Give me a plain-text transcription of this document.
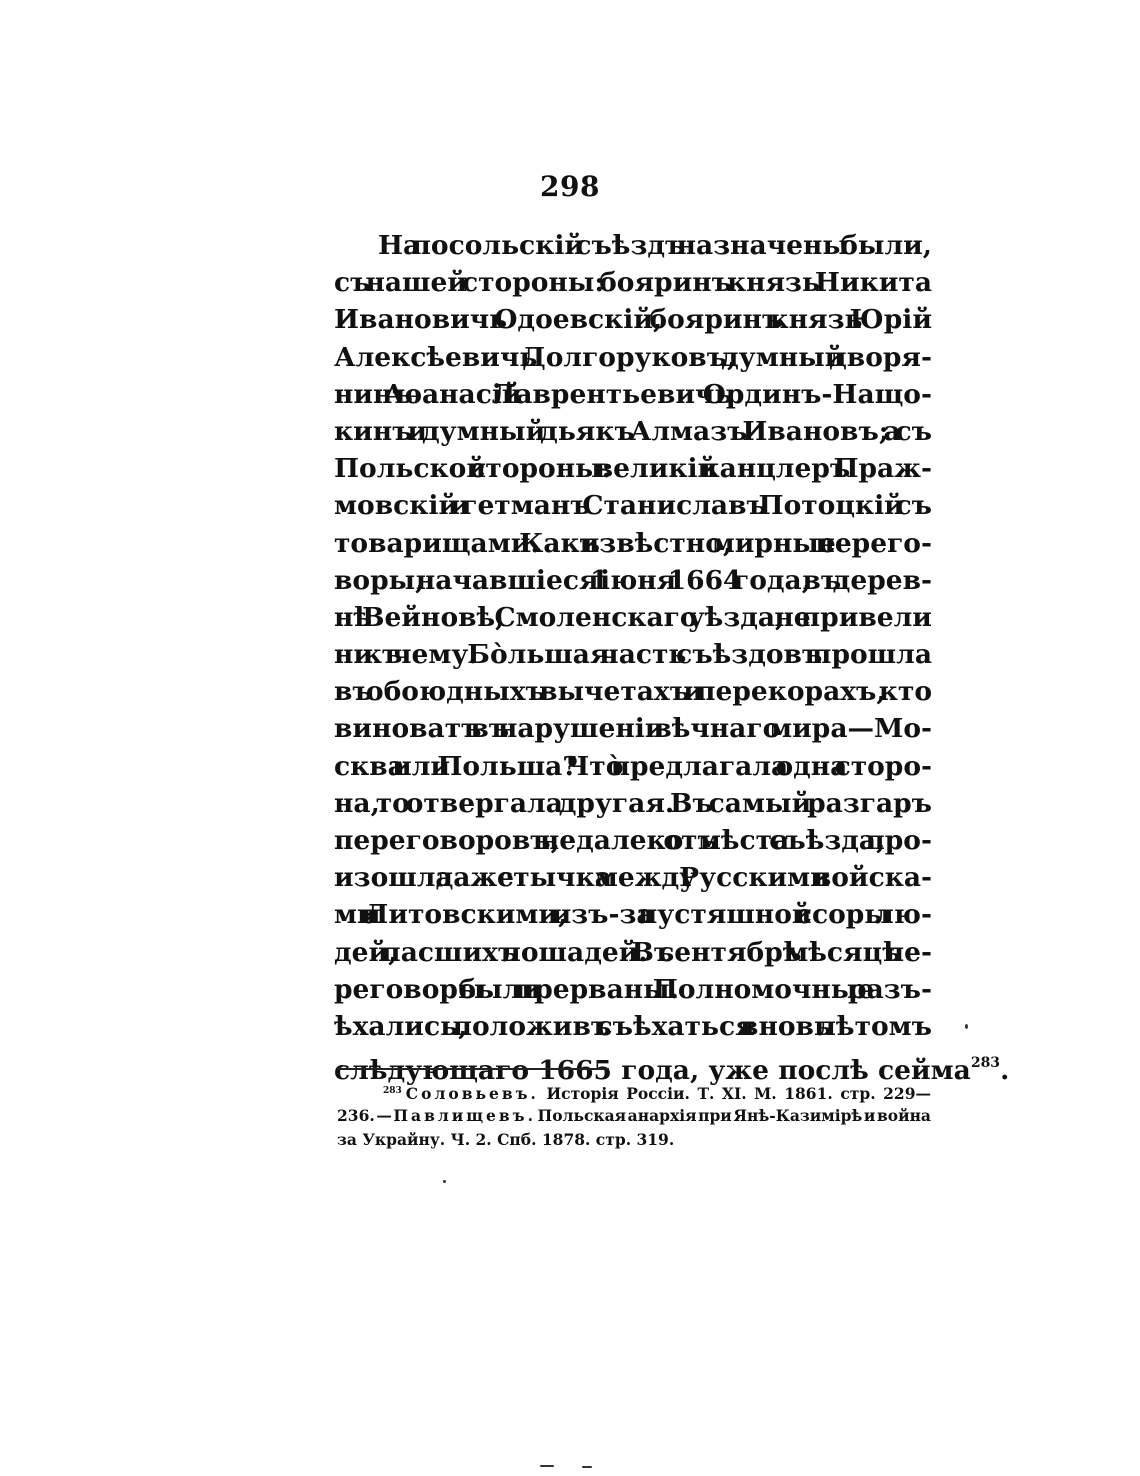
298
На посольскій съѣздъ назначены были,
съ нашей стороны: бояринъ князь Никита
Ивановичь Одоевскій, бояринъ князь Юрій
Алексѣевичь Долгоруковъ, думный дворя-
нинъ Аѳанасій Лаврентьевичь Ординъ-Нащо-
кинъ и думный дьякъ Алмазъ Ивановъ; а съ
Польской стороны: великій канцлеръ Праж-
мовскій и гетманъ Станиславъ Потоцкій съ
товарищами. Какъ извѣстно, мирные перего-
воры, начавшіеся 1 іюня 1664 года, въ дерев-
нѣ Вейновѣ, Смоленскаго уѣзда, не привели
ни къ чему. Бо̀льшая часть съѣздовъ прошла
въ обоюдныхъ вычетахъ и перекорахъ, кто
виноватъ въ нарушеніи вѣчнаго мира—Мо-
сква или Польша? Что̀ предлагала одна сторо-
на, то отвергала другая. Въ самый разгаръ
переговоровъ, недалеко отъ мѣста съѣзда, про-
изошла даже стычка между Русскими войска-
ми и Литовскими, изъ-за пустяшной ссоры лю-
дей, пасшихъ лошадей. Въ сентябрѣ мѣсяцѣ пе-
реговоры были прерваны. Полномочные разъ-
ѣхались, положивъ съѣхаться вновь лѣтомъ
слѣдующаго 1665 года, уже послѣ сейма$^{283}$.
$^{283}$ Соловьевъ. Исторія Россіи. Т. XI. М. 1861. стр. 229—
236. — Павлищевъ. Польская анархія при Янѣ-Казимірѣ и война
за Украйну. Ч. 2. Спб. 1878. стр. 319.
